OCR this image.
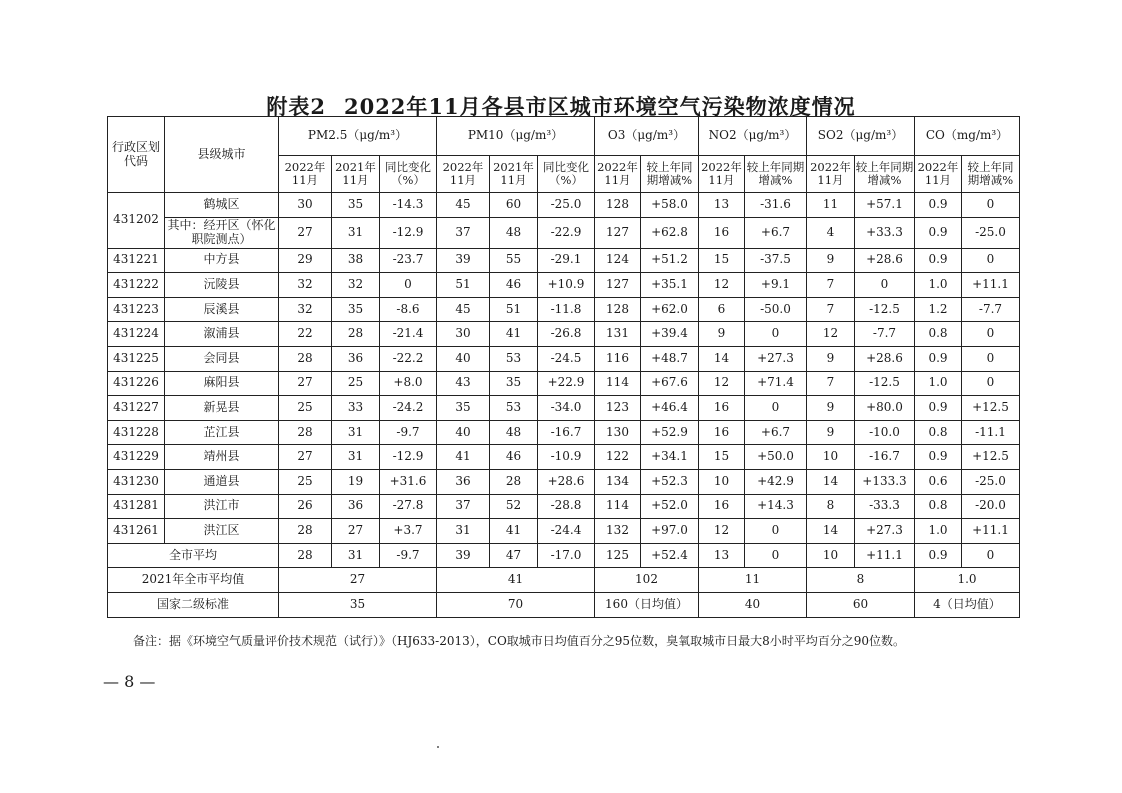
附表2 2022年11月各县市区城市环境空气污染物浓度情况
行政区划代码	县级城市	PM2.5（μg/m³）			PM10（μg/m³）			O3（μg/m³）		NO2（μg/m³）		SO2（μg/m³）		CO（mg/m³）	
		2022年11月	2021年11月	同比变化（%）	2022年11月	2021年11月	同比变化（%）	2022年11月	较上年同期增减%	2022年11月	较上年同期增减%	2022年11月	较上年同期增减%	2022年11月	较上年同期增减%
431202	鹤城区	30	35	-14.3	45	60	-25.0	128	+58.0	13	-31.6	11	+57.1	0.9	0
	其中：经开区（怀化职院测点）	27	31	-12.9	37	48	-22.9	127	+62.8	16	+6.7	4	+33.3	0.9	-25.0
431221	中方县	29	38	-23.7	39	55	-29.1	124	+51.2	15	-37.5	9	+28.6	0.9	0
431222	沅陵县	32	32	0	51	46	+10.9	127	+35.1	12	+9.1	7	0	1.0	+11.1
431223	辰溪县	32	35	-8.6	45	51	-11.8	128	+62.0	6	-50.0	7	-12.5	1.2	-7.7
431224	溆浦县	22	28	-21.4	30	41	-26.8	131	+39.4	9	0	12	-7.7	0.8	0
431225	会同县	28	36	-22.2	40	53	-24.5	116	+48.7	14	+27.3	9	+28.6	0.9	0
431226	麻阳县	27	25	+8.0	43	35	+22.9	114	+67.6	12	+71.4	7	-12.5	1.0	0
431227	新晃县	25	33	-24.2	35	53	-34.0	123	+46.4	16	0	9	+80.0	0.9	+12.5
431228	芷江县	28	31	-9.7	40	48	-16.7	130	+52.9	16	+6.7	9	-10.0	0.8	-11.1
431229	靖州县	27	31	-12.9	41	46	-10.9	122	+34.1	15	+50.0	10	-16.7	0.9	+12.5
431230	通道县	25	19	+31.6	36	28	+28.6	134	+52.3	10	+42.9	14	+133.3	0.6	-25.0
431281	洪江市	26	36	-27.8	37	52	-28.8	114	+52.0	16	+14.3	8	-33.3	0.8	-20.0
431261	洪江区	28	27	+3.7	31	41	-24.4	132	+97.0	12	0	14	+27.3	1.0	+11.1
全市平均		28	31	-9.7	39	47	-17.0	125	+52.4	13	0	10	+11.1	0.9	0
2021年全市平均值		27			41			102		11		8		1.0	
国家二级标准		35			70			160（日均值）		40		60		4（日均值）	
备注：据《环境空气质量评价技术规范（试行）》（HJ633-2013），CO取城市日均值百分之95位数，臭氧取城市日最大8小时平均百分之90位数。
— 8 —
